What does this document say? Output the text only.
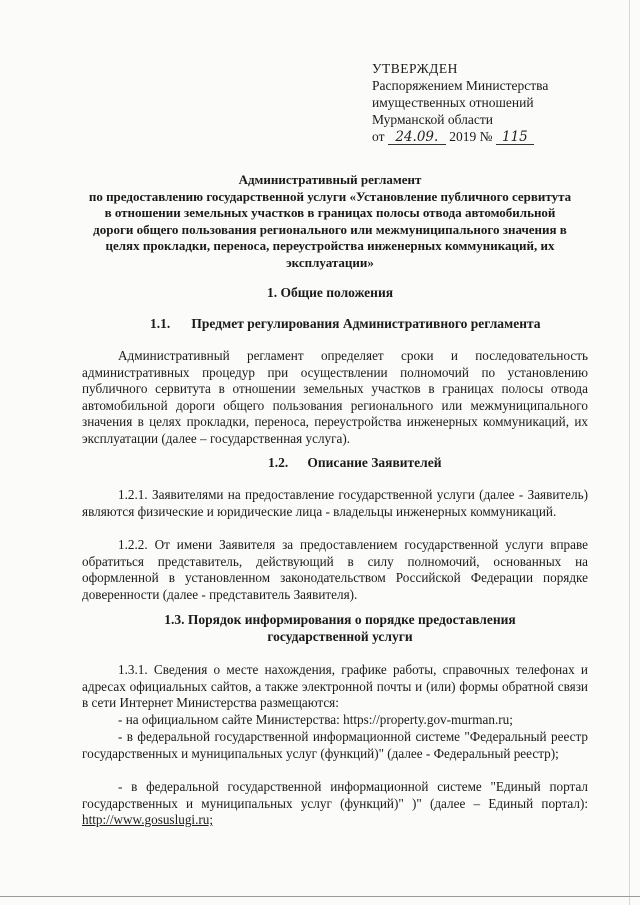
УТВЕРЖДЕН
Распоряжением Министерства
имущественных отношений
Мурманской области
от 24.09. 2019 № 115
Административный регламент
по предоставлению государственной услуги «Установление публичного сервитута
в отношении земельных участков в границах полосы отвода автомобильной
дороги общего пользования регионального или межмуниципального значения в
целях прокладки, переноса, переустройства инженерных коммуникаций, их
эксплуатации»
1. Общие положения
1.1. Предмет регулирования Административного регламента
Административный регламент определяет сроки и последовательность административных процедур при осуществлении полномочий по установлению публичного сервитута в отношении земельных участков в границах полосы отвода автомобильной дороги общего пользования регионального или межмуниципального значения в целях прокладки, переноса, переустройства инженерных коммуникаций, их эксплуатации (далее – государственная услуга).
1.2. Описание Заявителей
1.2.1. Заявителями на предоставление государственной услуги (далее - Заявитель) являются физические и юридические лица - владельцы инженерных коммуникаций.
1.2.2. От имени Заявителя за предоставлением государственной услуги вправе обратиться представитель, действующий в силу полномочий, основанных на оформленной в установленном законодательством Российской Федерации порядке доверенности (далее - представитель Заявителя).
1.3. Порядок информирования о порядке предоставления
государственной услуги
1.3.1. Сведения о месте нахождения, графике работы, справочных телефонах и адресах официальных сайтов, а также электронной почты и (или) формы обратной связи в сети Интернет Министерства размещаются:
- на официальном сайте Министерства: https://property.gov-murman.ru;
- в федеральной государственной информационной системе "Федеральный реестр государственных и муниципальных услуг (функций)" (далее - Федеральный реестр);
- в федеральной государственной информационной системе "Единый портал государственных и муниципальных услуг (функций)" )" (далее – Единый портал): http://www.gosuslugi.ru;
